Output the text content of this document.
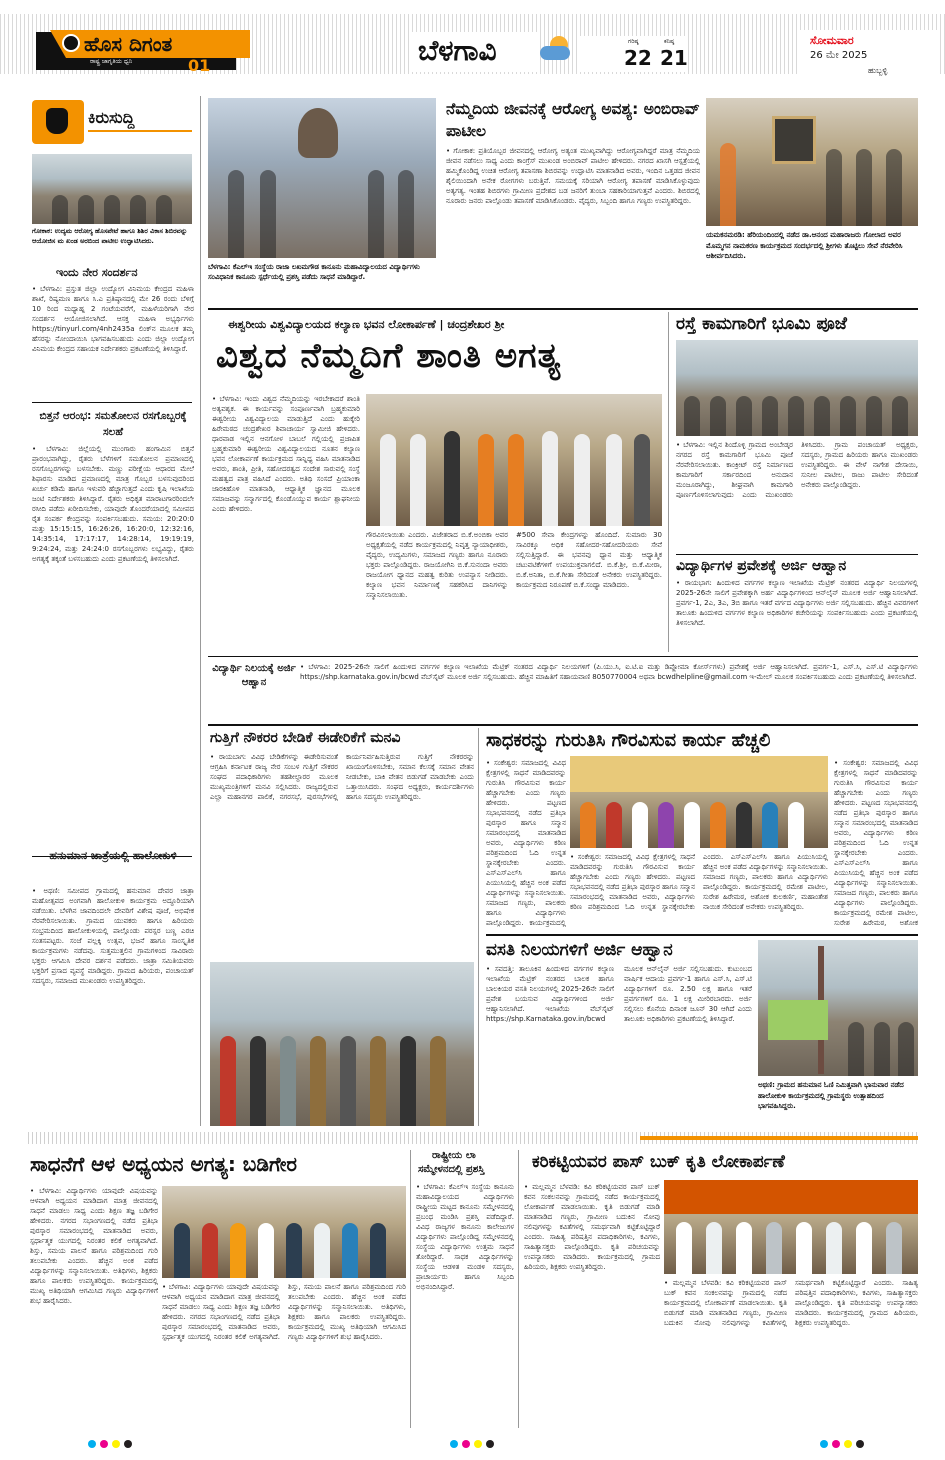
ಹೊಸ ದಿಗಂತ
ರಾಷ್ಟ್ರ ಜಾಗೃತಿಯ ಧ್ವನಿ	01	ಬೆಳಗಾವಿ	ಗರಿಷ್ಠ
22
ಕನಿಷ್ಠ
21
ಸೋಮವಾರ
26 ಮೇ 2025
ಹುಬ್ಬಳ್ಳಿ
ಕಿರುಸುದ್ದಿ
ಗೋಕಾಕ: ಉದ್ಯಮ ಆರೋಗ್ಯ ಹೊಸಪೇಟೆ ಹಾಗೂ ಶಿಶಿರ ವಿಕಾಸ ಶಿಬಿರವನ್ನು ಆಯೋಜಿಸ ಮ ಖಂಡ ಅರಬಿಂದ ಪಾಟೀಲ ಉದ್ಘಾಟಿಸಿದರು.
ಇಂದು ನೇರ ಸಂದರ್ಶನ
• ಬೆಳಗಾವಿ: ಪ್ರಸ್ತುತ ಜಿಲ್ಲಾ ಉದ್ಯೋಗ ವಿನಿಮಯ ಕೇಂದ್ರದ ಮಹಿಳಾ ಶಾಖೆ, ರಿಷ್ಯಮಣ ಹಾಗೂ ಸಿ.ಎ ಪ್ರತಿಷ್ಠಾನದಲ್ಲಿ ಮೇ 26 ರಂದು ಬೆಳಿಗ್ಗೆ 10 ರಿಂದ ಮಧ್ಯಾಹ್ನ 2 ಗಂಟೆಯವರೆಗೆ, ಮಹಿಳೆಯರಿಗಾಗಿ ನೇರ ಸಂದರ್ಶನ ಆಯೋಜಿಸಲಾಗಿದೆ. ಆಸಕ್ತ ಮಹಿಳಾ ಅಭ್ಯರ್ಥಿಗಳು https://tinyurl.com/4nh2435a ಲಿಂಕ್‌ನ ಮೂಲಕ ತಮ್ಮ ಹೆಸರನ್ನು ನೋಂದಾಯಿಸಿ ಭಾಗವಹಿಸಬಹುದು ಎಂದು ಜಿಲ್ಲಾ ಉದ್ಯೋಗ ವಿನಿಮಯ ಕೇಂದ್ರದ ಸಹಾಯಕ ನಿರ್ದೇಶಕರು ಪ್ರಕಟಣೆಯಲ್ಲಿ ತಿಳಿಸಿದ್ದಾರೆ.
ಬಿತ್ತನೆ ಆರಂಭ: ಸಮತೋಲನ ರಸಗೊಬ್ಬರಕ್ಕೆ ಸಲಹೆ
• ಬೆಳಗಾವಿ: ಜಿಲ್ಲೆಯಲ್ಲಿ ಮುಂಗಾರು ಹಂಗಾಮಿನ ಬಿತ್ತನೆ ಪ್ರಾರಂಭವಾಗಿದ್ದು, ರೈತರು ಬೆಳೆಗಳಿಗೆ ಸಮತೋಲನ ಪ್ರಮಾಣದಲ್ಲಿ ರಸಗೊಬ್ಬರಗಳನ್ನು ಬಳಸಬೇಕು. ಮಣ್ಣು ಪರೀಕ್ಷೆಯ ಆಧಾರದ ಮೇಲೆ ಶಿಫಾರಸು ಮಾಡಿದ ಪ್ರಮಾಣದಲ್ಲಿ ಮಾತ್ರ ಗೊಬ್ಬರ ಬಳಸುವುದರಿಂದ ಖರ್ಚು ಕಡಿಮೆ ಹಾಗೂ ಇಳುವರಿ ಹೆಚ್ಚಾಗುತ್ತದೆ ಎಂದು ಕೃಷಿ ಇಲಾಖೆಯ ಜಂಟಿ ನಿರ್ದೇಶಕರು ತಿಳಿಸಿದ್ದಾರೆ. ರೈತರು ಅಧಿಕೃತ ಮಾರಾಟಗಾರರಿಂದಲೇ ರಸೀದಿ ಪಡೆದು ಖರೀದಿಸಬೇಕು, ಯಾವುದೇ ತೊಂದರೆಯಾದಲ್ಲಿ ಸಮೀಪದ ರೈತ ಸಂಪರ್ಕ ಕೇಂದ್ರವನ್ನು ಸಂಪರ್ಕಿಸಬಹುದು. ಸಮಯ: 20:20:0 ಮತ್ತು 15:15:15, 16:26:26, 16:20:0, 12:32:16, 14:35:14, 17:17:17, 14:28:14, 19:19:19, 9:24:24, ಮತ್ತು 24:24:0 ರಸಗೊಬ್ಬರಗಳು ಲಭ್ಯವಿದ್ದು, ರೈತರು ಅಗತ್ಯಕ್ಕೆ ತಕ್ಕಂತೆ ಬಳಸಬಹುದು ಎಂದು ಪ್ರಕಟಣೆಯಲ್ಲಿ ತಿಳಿಸಲಾಗಿದೆ.
ಹನುಮಾನ ಜಾತ್ರೆಯಲ್ಲಿ ಹಾಲೋಕುಳಿ
• ಅಥಣಿ: ಸಮೀಪದ ಗ್ರಾಮದಲ್ಲಿ ಹನುಮಾನ ದೇವರ ಜಾತ್ರಾ ಮಹೋತ್ಸವದ ಅಂಗವಾಗಿ ಹಾಲೋಕುಳಿ ಕಾರ್ಯಕ್ರಮ ಅದ್ಧೂರಿಯಾಗಿ ನಡೆಯಿತು. ಬೆಳಗಿನ ಜಾವದಿಂದಲೇ ದೇವರಿಗೆ ವಿಶೇಷ ಪೂಜೆ, ಅಭಿಷೇಕ ನೆರವೇರಿಸಲಾಯಿತು. ಗ್ರಾಮದ ಯುವಕರು ಹಾಗೂ ಹಿರಿಯರು ಸಂಭ್ರಮದಿಂದ ಹಾಲೋಕುಳಿಯಲ್ಲಿ ಪಾಲ್ಗೊಂಡು ಪರಸ್ಪರ ಬಣ್ಣ ಎರಚಿ ಸಂತಸಪಟ್ಟರು. ಸಂಜೆ ಪಲ್ಲಕ್ಕಿ ಉತ್ಸವ, ಭಜನೆ ಹಾಗೂ ಸಾಂಸ್ಕೃತಿಕ ಕಾರ್ಯಕ್ರಮಗಳು ನಡೆದವು. ಸುತ್ತಮುತ್ತಲಿನ ಗ್ರಾಮಗಳಿಂದ ಸಾವಿರಾರು ಭಕ್ತರು ಆಗಮಿಸಿ ದೇವರ ದರ್ಶನ ಪಡೆದರು. ಜಾತ್ರಾ ಸಮಿತಿಯವರು ಭಕ್ತರಿಗೆ ಪ್ರಸಾದ ವ್ಯವಸ್ಥೆ ಮಾಡಿದ್ದರು. ಗ್ರಾಮದ ಹಿರಿಯರು, ಪಂಚಾಯತ್ ಸದಸ್ಯರು, ಸಮಾಜದ ಮುಖಂಡರು ಉಪಸ್ಥಿತರಿದ್ದರು.
ಬೆಳಗಾವಿ: ಕೆಎಲ್ಇ ಸಂಸ್ಥೆಯ ರಾಜಾ ಲಖಮಗೌಡ ಕಾನೂನು ಮಹಾವಿದ್ಯಾಲಯದ ವಿದ್ಯಾರ್ಥಿಗಳು ಸಂವಿಧಾನಿಕ ಕಾನೂನು ಸ್ಪರ್ಧೆಯಲ್ಲಿ ಪ್ರಶಸ್ತಿ ಪಡೆದು ಸಾಧನೆ ಮಾಡಿದ್ದಾರೆ.
ನೆಮ್ಮದಿಯ ಜೀವನಕ್ಕೆ ಆರೋಗ್ಯ ಅವಶ್ಯ: ಅಂಬಿರಾವ್ ಪಾಟೀಲ
• ಗೋಕಾಕ: ಪ್ರತಿಯೊಬ್ಬರ ಜೀವನದಲ್ಲಿ ಆರೋಗ್ಯ ಅತ್ಯಂತ ಮುಖ್ಯವಾಗಿದ್ದು ಆರೋಗ್ಯವಾಗಿದ್ದರೆ ಮಾತ್ರ ನೆಮ್ಮದಿಯ ಜೀವನ ನಡೆಸಲು ಸಾಧ್ಯ ಎಂದು ಕಾಂಗ್ರೆಸ್ ಮುಖಂಡ ಅಂಬಿರಾವ್ ಪಾಟೀಲ ಹೇಳಿದರು. ನಗರದ ಖಾಸಗಿ ಆಸ್ಪತ್ರೆಯಲ್ಲಿ ಹಮ್ಮಿಕೊಂಡಿದ್ದ ಉಚಿತ ಆರೋಗ್ಯ ತಪಾಸಣಾ ಶಿಬಿರವನ್ನು ಉದ್ಘಾಟಿಸಿ ಮಾತನಾಡಿದ ಅವರು, ಇಂದಿನ ಒತ್ತಡದ ಜೀವನ ಶೈಲಿಯಿಂದಾಗಿ ಅನೇಕ ರೋಗಗಳು ಬರುತ್ತಿವೆ. ಸಮಯಕ್ಕೆ ಸರಿಯಾಗಿ ಆರೋಗ್ಯ ತಪಾಸಣೆ ಮಾಡಿಸಿಕೊಳ್ಳುವುದು ಅತ್ಯಗತ್ಯ. ಇಂತಹ ಶಿಬಿರಗಳು ಗ್ರಾಮೀಣ ಪ್ರದೇಶದ ಬಡ ಜನರಿಗೆ ತುಂಬಾ ಸಹಕಾರಿಯಾಗುತ್ತವೆ ಎಂದರು. ಶಿಬಿರದಲ್ಲಿ ನೂರಾರು ಜನರು ಪಾಲ್ಗೊಂಡು ತಪಾಸಣೆ ಮಾಡಿಸಿಕೊಂಡರು. ವೈದ್ಯರು, ಸಿಬ್ಬಂದಿ ಹಾಗೂ ಗಣ್ಯರು ಉಪಸ್ಥಿತರಿದ್ದರು.
ಯಮಕನಮರಡಿ: ಹೆರಿಯಂದಿಂದಲ್ಲಿ ನಡೆದ ಡಾ.ಆನಂದ ಮಹಾರಾಜರು ಗೋಲಾದ ಅವರ ಮೊಮ್ಮಗನ ನಾಮಕರಣ ಕಾರ್ಯಕ್ರಮದ ಸಂದರ್ಭದಲ್ಲಿ ಶ್ರೀಗಳು ತೊಟ್ಟಿಲು ಸೇವೆ ನೆರವೇರಿಸಿ ಆಶೀರ್ವದಿಸಿದರು.
ಈಶ್ವರೀಯ ವಿಶ್ವವಿದ್ಯಾಲಯದ ಕಲ್ಯಾಣ ಭವನ ಲೋಕಾರ್ಪಣೆ | ಚಂದ್ರಶೇಖರ ಶ್ರೀ
ವಿಶ್ವದ ನೆಮ್ಮದಿಗೆ ಶಾಂತಿ ಅಗತ್ಯ
• ಬೆಳಗಾವಿ: ಇಂದು ವಿಶ್ವದ ನೆಮ್ಮದಿಯನ್ನು ಇರಬೇಕಾದರೆ ಶಾಂತಿ ಅತ್ಯವಶ್ಯಕ. ಈ ಕಾರ್ಯವನ್ನು ಸಂಪೂರ್ಣವಾಗಿ ಬ್ರಹ್ಮಕುಮಾರಿ ಈಶ್ವರೀಯ ವಿಶ್ವವಿದ್ಯಾಲಯ ಮಾಡುತ್ತಿದೆ ಎಂದು ಹುಕ್ಕೇರಿ ಹಿರೇಮಠದ ಚಂದ್ರಶೇಖರ ಶಿವಾಚಾರ್ಯ ಸ್ವಾಮೀಜಿ ಹೇಳಿದರು. ಧಾರವಾಡ ಇಲ್ಲಿನ ಆನಗೋಳ ಬಾಬಲೆ ಗಲ್ಲಿಯಲ್ಲಿ ಪ್ರಜಾಪಿತ ಬ್ರಹ್ಮಕುಮಾರಿ ಈಶ್ವರೀಯ ವಿಶ್ವವಿದ್ಯಾಲಯದ ನೂತನ ಕಲ್ಯಾಣ ಭವನ ಲೋಕಾರ್ಪಣೆ ಕಾರ್ಯಕ್ರಮದ ಸಾನ್ನಿಧ್ಯ ವಹಿಸಿ ಮಾತನಾಡಿದ ಅವರು, ಶಾಂತಿ, ಪ್ರೀತಿ, ಸಹೋದರತ್ವದ ಸಂದೇಶ ಸಾರುವಲ್ಲಿ ಸಂಸ್ಥೆ ಮಹತ್ವದ ಪಾತ್ರ ವಹಿಸಿದೆ ಎಂದರು. ಅತಿಥಿ ಸಂಸದೆ ಪ್ರಿಯಾಂಕಾ ಜಾರಕಿಹೊಳಿ ಮಾತನಾಡಿ, ಆಧ್ಯಾತ್ಮಿಕ ಜ್ಞಾನದ ಮೂಲಕ ಸಮಾಜವನ್ನು ಸನ್ಮಾರ್ಗದಲ್ಲಿ ಕೊಂಡೊಯ್ಯುವ ಕಾರ್ಯ ಶ್ಲಾಘನೀಯ ಎಂದು ಹೇಳಿದರು.
ಗೌರವಿಸಲಾಯಿತು ಎಂದರು. ವಿಜೇತರಾದ ಬಿ.ಕೆ.ಅಂಬಿಕಾ ಅವರ ಅಧ್ಯಕ್ಷತೆಯಲ್ಲಿ ನಡೆದ ಕಾರ್ಯಕ್ರಮದಲ್ಲಿ ನಿವೃತ್ತ ನ್ಯಾಯಾಧೀಶರು, ವೈದ್ಯರು, ಉದ್ಯಮಿಗಳು, ಸಮಾಜದ ಗಣ್ಯರು ಹಾಗೂ ನೂರಾರು ಭಕ್ತರು ಪಾಲ್ಗೊಂಡಿದ್ದರು. ರಾಜಯೋಗಿನಿ ಬಿ.ಕೆ.ಸುನಂದಾ ಅವರು ರಾಜಯೋಗ ಧ್ಯಾನದ ಮಹತ್ವ ಕುರಿತು ಉಪನ್ಯಾಸ ನೀಡಿದರು. ಕಲ್ಯಾಣ ಭವನ ನಿರ್ಮಾಣಕ್ಕೆ ಸಹಕರಿಸಿದ ದಾನಿಗಳನ್ನು ಸನ್ಮಾನಿಸಲಾಯಿತು.
#500 ಸೇವಾ ಕೇಂದ್ರಗಳನ್ನು ಹೊಂದಿದೆ. ಸುಮಾರು 30 ಸಾವಿರಕ್ಕೂ ಅಧಿಕ ಸಹೋದರ-ಸಹೋದರಿಯರು ಸೇವೆ ಸಲ್ಲಿಸುತ್ತಿದ್ದಾರೆ. ಈ ಭವನವು ಧ್ಯಾನ ಮತ್ತು ಆಧ್ಯಾತ್ಮಿಕ ಚಟುವಟಿಕೆಗಳಿಗೆ ಉಪಯುಕ್ತವಾಗಲಿದೆ. ಬಿ.ಕೆ.ಶ್ರೀ, ಬಿ.ಕೆ.ಮೀರಾ, ಬಿ.ಕೆ.ಅನಿತಾ, ಬಿ.ಕೆ.ಗೀತಾ ಸೇರಿದಂತೆ ಅನೇಕರು ಉಪಸ್ಥಿತರಿದ್ದರು. ಕಾರ್ಯಕ್ರಮದ ನಿರೂಪಣೆ ಬಿ.ಕೆ.ಸಂಧ್ಯಾ ಮಾಡಿದರು.
ರಸ್ತೆ ಕಾಮಗಾರಿಗೆ ಭೂಮಿ ಪೂಜೆ
• ಬೆಳಗಾವಿ: ಇಲ್ಲಿನ ಶಿಂದೊಳ್ಳಿ ಗ್ರಾಮದ ಅಂಬೇಡ್ಕರ ನಗರದ ರಸ್ತೆ ಕಾಮಗಾರಿಗೆ ಭೂಮಿ ಪೂಜೆ ನೆರವೇರಿಸಲಾಯಿತು. ಕಾಂಕ್ರೀಟ್ ರಸ್ತೆ ನಿರ್ಮಾಣದ ಕಾಮಗಾರಿಗೆ ಸರ್ಕಾರದಿಂದ ಅನುದಾನ ಮಂಜೂರಾಗಿದ್ದು, ಶೀಘ್ರವಾಗಿ ಕಾಮಗಾರಿ ಪೂರ್ಣಗೊಳಿಸಲಾಗುವುದು ಎಂದು ಮುಖಂಡರು ತಿಳಿಸಿದರು. ಗ್ರಾಮ ಪಂಚಾಯತ್ ಅಧ್ಯಕ್ಷರು, ಸದಸ್ಯರು, ಗ್ರಾಮದ ಹಿರಿಯರು ಹಾಗೂ ಮುಖಂಡರು ಉಪಸ್ಥಿತರಿದ್ದರು. ಈ ವೇಳೆ ನಾಗೇಶ ದೇಸಾಯಿ, ಸುನೀಲ ಪಾಟೀಲ, ರಾಜು ಪಾಟೀಲ ಸೇರಿದಂತೆ ಅನೇಕರು ಪಾಲ್ಗೊಂಡಿದ್ದರು.
ವಿದ್ಯಾರ್ಥಿಗಳ ಪ್ರವೇಶಕ್ಕೆ ಅರ್ಜಿ ಆಹ್ವಾನ
• ರಾಯಭಾಗ: ಹಿಂದುಳಿದ ವರ್ಗಗಳ ಕಲ್ಯಾಣ ಇಲಾಖೆಯ ಮೆಟ್ರಿಕ್ ನಂತರದ ವಿದ್ಯಾರ್ಥಿ ನಿಲಯಗಳಲ್ಲಿ 2025-26ನೇ ಸಾಲಿಗೆ ಪ್ರವೇಶಕ್ಕಾಗಿ ಅರ್ಹ ವಿದ್ಯಾರ್ಥಿಗಳಿಂದ ಆನ್‌ಲೈನ್ ಮೂಲಕ ಅರ್ಜಿ ಆಹ್ವಾನಿಸಲಾಗಿದೆ. ಪ್ರವರ್ಗ-1, 2ಎ, 3ಎ, 3ಬಿ ಹಾಗೂ ಇತರೆ ವರ್ಗದ ವಿದ್ಯಾರ್ಥಿಗಳು ಅರ್ಜಿ ಸಲ್ಲಿಸಬಹುದು. ಹೆಚ್ಚಿನ ವಿವರಗಳಿಗೆ ತಾಲೂಕು ಹಿಂದುಳಿದ ವರ್ಗಗಳ ಕಲ್ಯಾಣ ಅಧಿಕಾರಿಗಳ ಕಚೇರಿಯನ್ನು ಸಂಪರ್ಕಿಸಬಹುದು ಎಂದು ಪ್ರಕಟಣೆಯಲ್ಲಿ ತಿಳಿಸಲಾಗಿದೆ.
ವಿದ್ಯಾರ್ಥಿ ನಿಲಯಕ್ಕೆ ಅರ್ಜಿ ಆಹ್ವಾನ
• ಬೆಳಗಾವಿ: 2025-26ನೇ ಸಾಲಿಗೆ ಹಿಂದುಳಿದ ವರ್ಗಗಳ ಕಲ್ಯಾಣ ಇಲಾಖೆಯ ಮೆಟ್ರಿಕ್ ನಂತರದ ವಿದ್ಯಾರ್ಥಿ ನಿಲಯಗಳಿಗೆ (ಪಿ.ಯು.ಸಿ, ಐ.ಟಿ.ಐ ಮತ್ತು ಡಿಪ್ಲೋಮಾ ಕೋರ್ಸ್‌ಗಳು) ಪ್ರವೇಶಕ್ಕೆ ಅರ್ಜಿ ಆಹ್ವಾನಿಸಲಾಗಿದೆ. ಪ್ರವರ್ಗ-1, ಎಸ್.ಸಿ, ಎಸ್.ಟಿ ವಿದ್ಯಾರ್ಥಿಗಳು https://shp.karnataka.gov.in/bcwd ವೆಬ್‌ಸೈಟ್ ಮೂಲಕ ಅರ್ಜಿ ಸಲ್ಲಿಸಬಹುದು. ಹೆಚ್ಚಿನ ಮಾಹಿತಿಗೆ ಸಹಾಯವಾಣಿ 8050770004 ಅಥವಾ bcwdhelpline@gmail.com ಇ-ಮೇಲ್ ಮೂಲಕ ಸಂಪರ್ಕಿಸಬಹುದು ಎಂದು ಪ್ರಕಟಣೆಯಲ್ಲಿ ತಿಳಿಸಲಾಗಿದೆ.
ಗುತ್ತಿಗೆ ನೌಕರರ ಬೇಡಿಕೆ ಈಡೇರಿಕೆಗೆ ಮನವಿ
• ರಾಯಬಾಗ: ವಿವಿಧ ಬೇಡಿಕೆಗಳನ್ನು ಈಡೇರಿಸುವಂತೆ ಆಗ್ರಹಿಸಿ ಕರ್ನಾಟಕ ರಾಜ್ಯ ನೇರ ಸಂಬಳ ಗುತ್ತಿಗೆ ನೌಕರರ ಸಂಘದ ಪದಾಧಿಕಾರಿಗಳು ತಹಶೀಲ್ದಾರರ ಮೂಲಕ ಮುಖ್ಯಮಂತ್ರಿಗಳಿಗೆ ಮನವಿ ಸಲ್ಲಿಸಿದರು. ರಾಜ್ಯದಲ್ಲಿರುವ ಎಲ್ಲಾ ಮಹಾನಗರ ಪಾಲಿಕೆ, ನಗರಸಭೆ, ಪುರಸಭೆಗಳಲ್ಲಿ ಕಾರ್ಯನಿರ್ವಹಿಸುತ್ತಿರುವ ಗುತ್ತಿಗೆ ನೌಕರರನ್ನು ಖಾಯಂಗೊಳಿಸಬೇಕು, ಸಮಾನ ಕೆಲಸಕ್ಕೆ ಸಮಾನ ವೇತನ ನೀಡಬೇಕು, ಬಾಕಿ ವೇತನ ಬಿಡುಗಡೆ ಮಾಡಬೇಕು ಎಂದು ಒತ್ತಾಯಿಸಿದರು. ಸಂಘದ ಅಧ್ಯಕ್ಷರು, ಕಾರ್ಯದರ್ಶಿಗಳು ಹಾಗೂ ಸದಸ್ಯರು ಉಪಸ್ಥಿತರಿದ್ದರು.
ಸಾಧಕರನ್ನು ಗುರುತಿಸಿ ಗೌರವಿಸುವ ಕಾರ್ಯ ಹೆಚ್ಚಲಿ
• ಸಂಕೇಶ್ವರ: ಸಮಾಜದಲ್ಲಿ ವಿವಿಧ ಕ್ಷೇತ್ರಗಳಲ್ಲಿ ಸಾಧನೆ ಮಾಡಿದವರನ್ನು ಗುರುತಿಸಿ ಗೌರವಿಸುವ ಕಾರ್ಯ ಹೆಚ್ಚಾಗಬೇಕು ಎಂದು ಗಣ್ಯರು ಹೇಳಿದರು. ಪಟ್ಟಣದ ಸಭಾಭವನದಲ್ಲಿ ನಡೆದ ಪ್ರತಿಭಾ ಪುರಸ್ಕಾರ ಹಾಗೂ ಸನ್ಮಾನ ಸಮಾರಂಭದಲ್ಲಿ ಮಾತನಾಡಿದ ಅವರು, ವಿದ್ಯಾರ್ಥಿಗಳು ಕಠಿಣ ಪರಿಶ್ರಮದಿಂದ ಓದಿ ಉನ್ನತ ಸ್ಥಾನಕ್ಕೇರಬೇಕು ಎಂದರು. ಎಸ್ಎಸ್ಎಲ್‌ಸಿ ಹಾಗೂ ಪಿಯುಸಿಯಲ್ಲಿ ಹೆಚ್ಚಿನ ಅಂಕ ಪಡೆದ ವಿದ್ಯಾರ್ಥಿಗಳನ್ನು ಸನ್ಮಾನಿಸಲಾಯಿತು. ಸಮಾಜದ ಗಣ್ಯರು, ಪಾಲಕರು ಹಾಗೂ ವಿದ್ಯಾರ್ಥಿಗಳು ಪಾಲ್ಗೊಂಡಿದ್ದರು. ಕಾರ್ಯಕ್ರಮದಲ್ಲಿ
• ಸಂಕೇಶ್ವರ: ಸಮಾಜದಲ್ಲಿ ವಿವಿಧ ಕ್ಷೇತ್ರಗಳಲ್ಲಿ ಸಾಧನೆ ಮಾಡಿದವರನ್ನು ಗುರುತಿಸಿ ಗೌರವಿಸುವ ಕಾರ್ಯ ಹೆಚ್ಚಾಗಬೇಕು ಎಂದು ಗಣ್ಯರು ಹೇಳಿದರು. ಪಟ್ಟಣದ ಸಭಾಭವನದಲ್ಲಿ ನಡೆದ ಪ್ರತಿಭಾ ಪುರಸ್ಕಾರ ಹಾಗೂ ಸನ್ಮಾನ ಸಮಾರಂಭದಲ್ಲಿ ಮಾತನಾಡಿದ ಅವರು, ವಿದ್ಯಾರ್ಥಿಗಳು ಕಠಿಣ ಪರಿಶ್ರಮದಿಂದ ಓದಿ ಉನ್ನತ ಸ್ಥಾನಕ್ಕೇರಬೇಕು ಎಂದರು. ಎಸ್ಎಸ್ಎಲ್‌ಸಿ ಹಾಗೂ ಪಿಯುಸಿಯಲ್ಲಿ ಹೆಚ್ಚಿನ ಅಂಕ ಪಡೆದ ವಿದ್ಯಾರ್ಥಿಗಳನ್ನು ಸನ್ಮಾನಿಸಲಾಯಿತು. ಸಮಾಜದ ಗಣ್ಯರು, ಪಾಲಕರು ಹಾಗೂ ವಿದ್ಯಾರ್ಥಿಗಳು ಪಾಲ್ಗೊಂಡಿದ್ದರು. ಕಾರ್ಯಕ್ರಮದಲ್ಲಿ ರಮೇಶ ಪಾಟೀಲ, ಸುರೇಶ ಹಿರೇಮಠ, ಅಶೋಕ ಕುಲಕರ್ಣಿ, ಮಹಾಂತೇಶ ನಾಯಿಕ ಸೇರಿದಂತೆ ಅನೇಕರು ಉಪಸ್ಥಿತರಿದ್ದರು.
• ಸಂಕೇಶ್ವರ: ಸಮಾಜದಲ್ಲಿ ವಿವಿಧ ಕ್ಷೇತ್ರಗಳಲ್ಲಿ ಸಾಧನೆ ಮಾಡಿದವರನ್ನು ಗುರುತಿಸಿ ಗೌರವಿಸುವ ಕಾರ್ಯ ಹೆಚ್ಚಾಗಬೇಕು ಎಂದು ಗಣ್ಯರು ಹೇಳಿದರು. ಪಟ್ಟಣದ ಸಭಾಭವನದಲ್ಲಿ ನಡೆದ ಪ್ರತಿಭಾ ಪುರಸ್ಕಾರ ಹಾಗೂ ಸನ್ಮಾನ ಸಮಾರಂಭದಲ್ಲಿ ಮಾತನಾಡಿದ ಅವರು, ವಿದ್ಯಾರ್ಥಿಗಳು ಕಠಿಣ ಪರಿಶ್ರಮದಿಂದ ಓದಿ ಉನ್ನತ ಸ್ಥಾನಕ್ಕೇರಬೇಕು ಎಂದರು. ಎಸ್ಎಸ್ಎಲ್‌ಸಿ ಹಾಗೂ ಪಿಯುಸಿಯಲ್ಲಿ ಹೆಚ್ಚಿನ ಅಂಕ ಪಡೆದ ವಿದ್ಯಾರ್ಥಿಗಳನ್ನು ಸನ್ಮಾನಿಸಲಾಯಿತು. ಸಮಾಜದ ಗಣ್ಯರು, ಪಾಲಕರು ಹಾಗೂ ವಿದ್ಯಾರ್ಥಿಗಳು ಪಾಲ್ಗೊಂಡಿದ್ದರು. ಕಾರ್ಯಕ್ರಮದಲ್ಲಿ ರಮೇಶ ಪಾಟೀಲ, ಸುರೇಶ ಹಿರೇಮಠ, ಅಶೋಕ
ವಸತಿ ನಿಲಯಗಳಿಗೆ ಅರ್ಜಿ ಆಹ್ವಾನ
• ಸವದತ್ತಿ: ತಾಲೂಕಿನ ಹಿಂದುಳಿದ ವರ್ಗಗಳ ಕಲ್ಯಾಣ ಇಲಾಖೆಯ ಮೆಟ್ರಿಕ್ ನಂತರದ ಬಾಲಕ ಹಾಗೂ ಬಾಲಕಿಯರ ವಸತಿ ನಿಲಯಗಳಲ್ಲಿ 2025-26ನೇ ಸಾಲಿಗೆ ಪ್ರವೇಶ ಬಯಸುವ ವಿದ್ಯಾರ್ಥಿಗಳಿಂದ ಅರ್ಜಿ ಆಹ್ವಾನಿಸಲಾಗಿದೆ. ಇಲಾಖೆಯ ವೆಬ್‌ಸೈಟ್ https://shp.Karnataka.gov.in/bcwd ಮೂಲಕ ಆನ್‌ಲೈನ್ ಅರ್ಜಿ ಸಲ್ಲಿಸಬಹುದು. ಕುಟುಂಬದ ವಾರ್ಷಿಕ ಆದಾಯ ಪ್ರವರ್ಗ-1 ಹಾಗೂ ಎಸ್.ಸಿ, ಎಸ್.ಟಿ ವಿದ್ಯಾರ್ಥಿಗಳಿಗೆ ರೂ. 2.50 ಲಕ್ಷ ಹಾಗೂ ಇತರೆ ಪ್ರವರ್ಗಗಳಿಗೆ ರೂ. 1 ಲಕ್ಷ ಮೀರಿರಬಾರದು. ಅರ್ಜಿ ಸಲ್ಲಿಸಲು ಕೊನೆಯ ದಿನಾಂಕ ಜೂನ್ 30 ಆಗಿದೆ ಎಂದು ತಾಲೂಕು ಅಧಿಕಾರಿಗಳು ಪ್ರಕಟಣೆಯಲ್ಲಿ ತಿಳಿಸಿದ್ದಾರೆ.
ಅಥಣಿ: ಗ್ರಾಮದ ಹನುಮಾನ ಓಣಿ ನಿಮಿತ್ತವಾಗಿ ಭಾನುವಾರ ನಡೆದ ಹಾಲೋಕುಳಿ ಕಾರ್ಯಕ್ರಮದಲ್ಲಿ ಗ್ರಾಮಸ್ಥರು ಉತ್ಸಾಹದಿಂದ ಭಾಗವಹಿಸಿದ್ದರು.
ಸಾಧನೆಗೆ ಆಳ ಅಧ್ಯಯನ ಅಗತ್ಯ: ಬಡಿಗೇರ
• ಬೆಳಗಾವಿ: ವಿದ್ಯಾರ್ಥಿಗಳು ಯಾವುದೇ ವಿಷಯವನ್ನು ಆಳವಾಗಿ ಅಧ್ಯಯನ ಮಾಡಿದಾಗ ಮಾತ್ರ ಜೀವನದಲ್ಲಿ ಸಾಧನೆ ಮಾಡಲು ಸಾಧ್ಯ ಎಂದು ಶಿಕ್ಷಣ ತಜ್ಞ ಬಡಿಗೇರ ಹೇಳಿದರು. ನಗರದ ಸಭಾಂಗಣದಲ್ಲಿ ನಡೆದ ಪ್ರತಿಭಾ ಪುರಸ್ಕಾರ ಸಮಾರಂಭದಲ್ಲಿ ಮಾತನಾಡಿದ ಅವರು, ಸ್ಪರ್ಧಾತ್ಮಕ ಯುಗದಲ್ಲಿ ನಿರಂತರ ಕಲಿಕೆ ಅಗತ್ಯವಾಗಿದೆ. ಶಿಸ್ತು, ಸಮಯ ಪಾಲನೆ ಹಾಗೂ ಪರಿಶ್ರಮದಿಂದ ಗುರಿ ತಲುಪಬೇಕು ಎಂದರು. ಹೆಚ್ಚಿನ ಅಂಕ ಪಡೆದ ವಿದ್ಯಾರ್ಥಿಗಳನ್ನು ಸನ್ಮಾನಿಸಲಾಯಿತು. ಅತಿಥಿಗಳು, ಶಿಕ್ಷಕರು ಹಾಗೂ ಪಾಲಕರು ಉಪಸ್ಥಿತರಿದ್ದರು. ಕಾರ್ಯಕ್ರಮದಲ್ಲಿ ಮುಖ್ಯ ಅತಿಥಿಯಾಗಿ ಆಗಮಿಸಿದ ಗಣ್ಯರು ವಿದ್ಯಾರ್ಥಿಗಳಿಗೆ ಶುಭ ಹಾರೈಸಿದರು.
• ಬೆಳಗಾವಿ: ವಿದ್ಯಾರ್ಥಿಗಳು ಯಾವುದೇ ವಿಷಯವನ್ನು ಆಳವಾಗಿ ಅಧ್ಯಯನ ಮಾಡಿದಾಗ ಮಾತ್ರ ಜೀವನದಲ್ಲಿ ಸಾಧನೆ ಮಾಡಲು ಸಾಧ್ಯ ಎಂದು ಶಿಕ್ಷಣ ತಜ್ಞ ಬಡಿಗೇರ ಹೇಳಿದರು. ನಗರದ ಸಭಾಂಗಣದಲ್ಲಿ ನಡೆದ ಪ್ರತಿಭಾ ಪುರಸ್ಕಾರ ಸಮಾರಂಭದಲ್ಲಿ ಮಾತನಾಡಿದ ಅವರು, ಸ್ಪರ್ಧಾತ್ಮಕ ಯುಗದಲ್ಲಿ ನಿರಂತರ ಕಲಿಕೆ ಅಗತ್ಯವಾಗಿದೆ. ಶಿಸ್ತು, ಸಮಯ ಪಾಲನೆ ಹಾಗೂ ಪರಿಶ್ರಮದಿಂದ ಗುರಿ ತಲುಪಬೇಕು ಎಂದರು. ಹೆಚ್ಚಿನ ಅಂಕ ಪಡೆದ ವಿದ್ಯಾರ್ಥಿಗಳನ್ನು ಸನ್ಮಾನಿಸಲಾಯಿತು. ಅತಿಥಿಗಳು, ಶಿಕ್ಷಕರು ಹಾಗೂ ಪಾಲಕರು ಉಪಸ್ಥಿತರಿದ್ದರು. ಕಾರ್ಯಕ್ರಮದಲ್ಲಿ ಮುಖ್ಯ ಅತಿಥಿಯಾಗಿ ಆಗಮಿಸಿದ ಗಣ್ಯರು ವಿದ್ಯಾರ್ಥಿಗಳಿಗೆ ಶುಭ ಹಾರೈಸಿದರು.
ರಾಷ್ಟ್ರೀಯ ಲಾ
ಸಮ್ಮೇಳನದಲ್ಲಿ ಪ್ರಶಸ್ತಿ
• ಬೆಳಗಾವಿ: ಕೆಎಲ್ಇ ಸಂಸ್ಥೆಯ ಕಾನೂನು ಮಹಾವಿದ್ಯಾಲಯದ ವಿದ್ಯಾರ್ಥಿಗಳು ರಾಷ್ಟ್ರೀಯ ಮಟ್ಟದ ಕಾನೂನು ಸಮ್ಮೇಳನದಲ್ಲಿ ಪ್ರಬಂಧ ಮಂಡಿಸಿ ಪ್ರಶಸ್ತಿ ಪಡೆದಿದ್ದಾರೆ. ವಿವಿಧ ರಾಜ್ಯಗಳ ಕಾನೂನು ಕಾಲೇಜುಗಳ ವಿದ್ಯಾರ್ಥಿಗಳು ಪಾಲ್ಗೊಂಡಿದ್ದ ಸಮ್ಮೇಳನದಲ್ಲಿ ಸಂಸ್ಥೆಯ ವಿದ್ಯಾರ್ಥಿಗಳು ಉತ್ತಮ ಸಾಧನೆ ತೋರಿದ್ದಾರೆ. ಸಾಧಕ ವಿದ್ಯಾರ್ಥಿಗಳನ್ನು ಸಂಸ್ಥೆಯ ಆಡಳಿತ ಮಂಡಳಿ ಸದಸ್ಯರು, ಪ್ರಾಚಾರ್ಯರು ಹಾಗೂ ಸಿಬ್ಬಂದಿ ಅಭಿನಂದಿಸಿದ್ದಾರೆ.
ಕರಿಕಟ್ಟಿಯವರ ಪಾಸ್ ಬುಕ್ ಕೃತಿ ಲೋಕಾರ್ಪಣೆ
• ಮಲ್ಲಮ್ಮನ ಬೆಳವಡಿ: ಕವಿ ಕರಿಕಟ್ಟಿಯವರ ಪಾಸ್ ಬುಕ್ ಕವನ ಸಂಕಲನವನ್ನು ಗ್ರಾಮದಲ್ಲಿ ನಡೆದ ಕಾರ್ಯಕ್ರಮದಲ್ಲಿ ಲೋಕಾರ್ಪಣೆ ಮಾಡಲಾಯಿತು. ಕೃತಿ ಬಿಡುಗಡೆ ಮಾಡಿ ಮಾತನಾಡಿದ ಗಣ್ಯರು, ಗ್ರಾಮೀಣ ಬದುಕಿನ ನೋವು ನಲಿವುಗಳನ್ನು ಕವಿತೆಗಳಲ್ಲಿ ಸಮರ್ಥವಾಗಿ ಕಟ್ಟಿಕೊಟ್ಟಿದ್ದಾರೆ ಎಂದರು. ಸಾಹಿತ್ಯ ಪರಿಷತ್ತಿನ ಪದಾಧಿಕಾರಿಗಳು, ಕವಿಗಳು, ಸಾಹಿತ್ಯಾಸಕ್ತರು ಪಾಲ್ಗೊಂಡಿದ್ದರು. ಕೃತಿ ಪರಿಚಯವನ್ನು ಉಪನ್ಯಾಸಕರು ಮಾಡಿದರು. ಕಾರ್ಯಕ್ರಮದಲ್ಲಿ ಗ್ರಾಮದ ಹಿರಿಯರು, ಶಿಕ್ಷಕರು ಉಪಸ್ಥಿತರಿದ್ದರು.
• ಮಲ್ಲಮ್ಮನ ಬೆಳವಡಿ: ಕವಿ ಕರಿಕಟ್ಟಿಯವರ ಪಾಸ್ ಬುಕ್ ಕವನ ಸಂಕಲನವನ್ನು ಗ್ರಾಮದಲ್ಲಿ ನಡೆದ ಕಾರ್ಯಕ್ರಮದಲ್ಲಿ ಲೋಕಾರ್ಪಣೆ ಮಾಡಲಾಯಿತು. ಕೃತಿ ಬಿಡುಗಡೆ ಮಾಡಿ ಮಾತನಾಡಿದ ಗಣ್ಯರು, ಗ್ರಾಮೀಣ ಬದುಕಿನ ನೋವು ನಲಿವುಗಳನ್ನು ಕವಿತೆಗಳಲ್ಲಿ ಸಮರ್ಥವಾಗಿ ಕಟ್ಟಿಕೊಟ್ಟಿದ್ದಾರೆ ಎಂದರು. ಸಾಹಿತ್ಯ ಪರಿಷತ್ತಿನ ಪದಾಧಿಕಾರಿಗಳು, ಕವಿಗಳು, ಸಾಹಿತ್ಯಾಸಕ್ತರು ಪಾಲ್ಗೊಂಡಿದ್ದರು. ಕೃತಿ ಪರಿಚಯವನ್ನು ಉಪನ್ಯಾಸಕರು ಮಾಡಿದರು. ಕಾರ್ಯಕ್ರಮದಲ್ಲಿ ಗ್ರಾಮದ ಹಿರಿಯರು, ಶಿಕ್ಷಕರು ಉಪಸ್ಥಿತರಿದ್ದರು.
